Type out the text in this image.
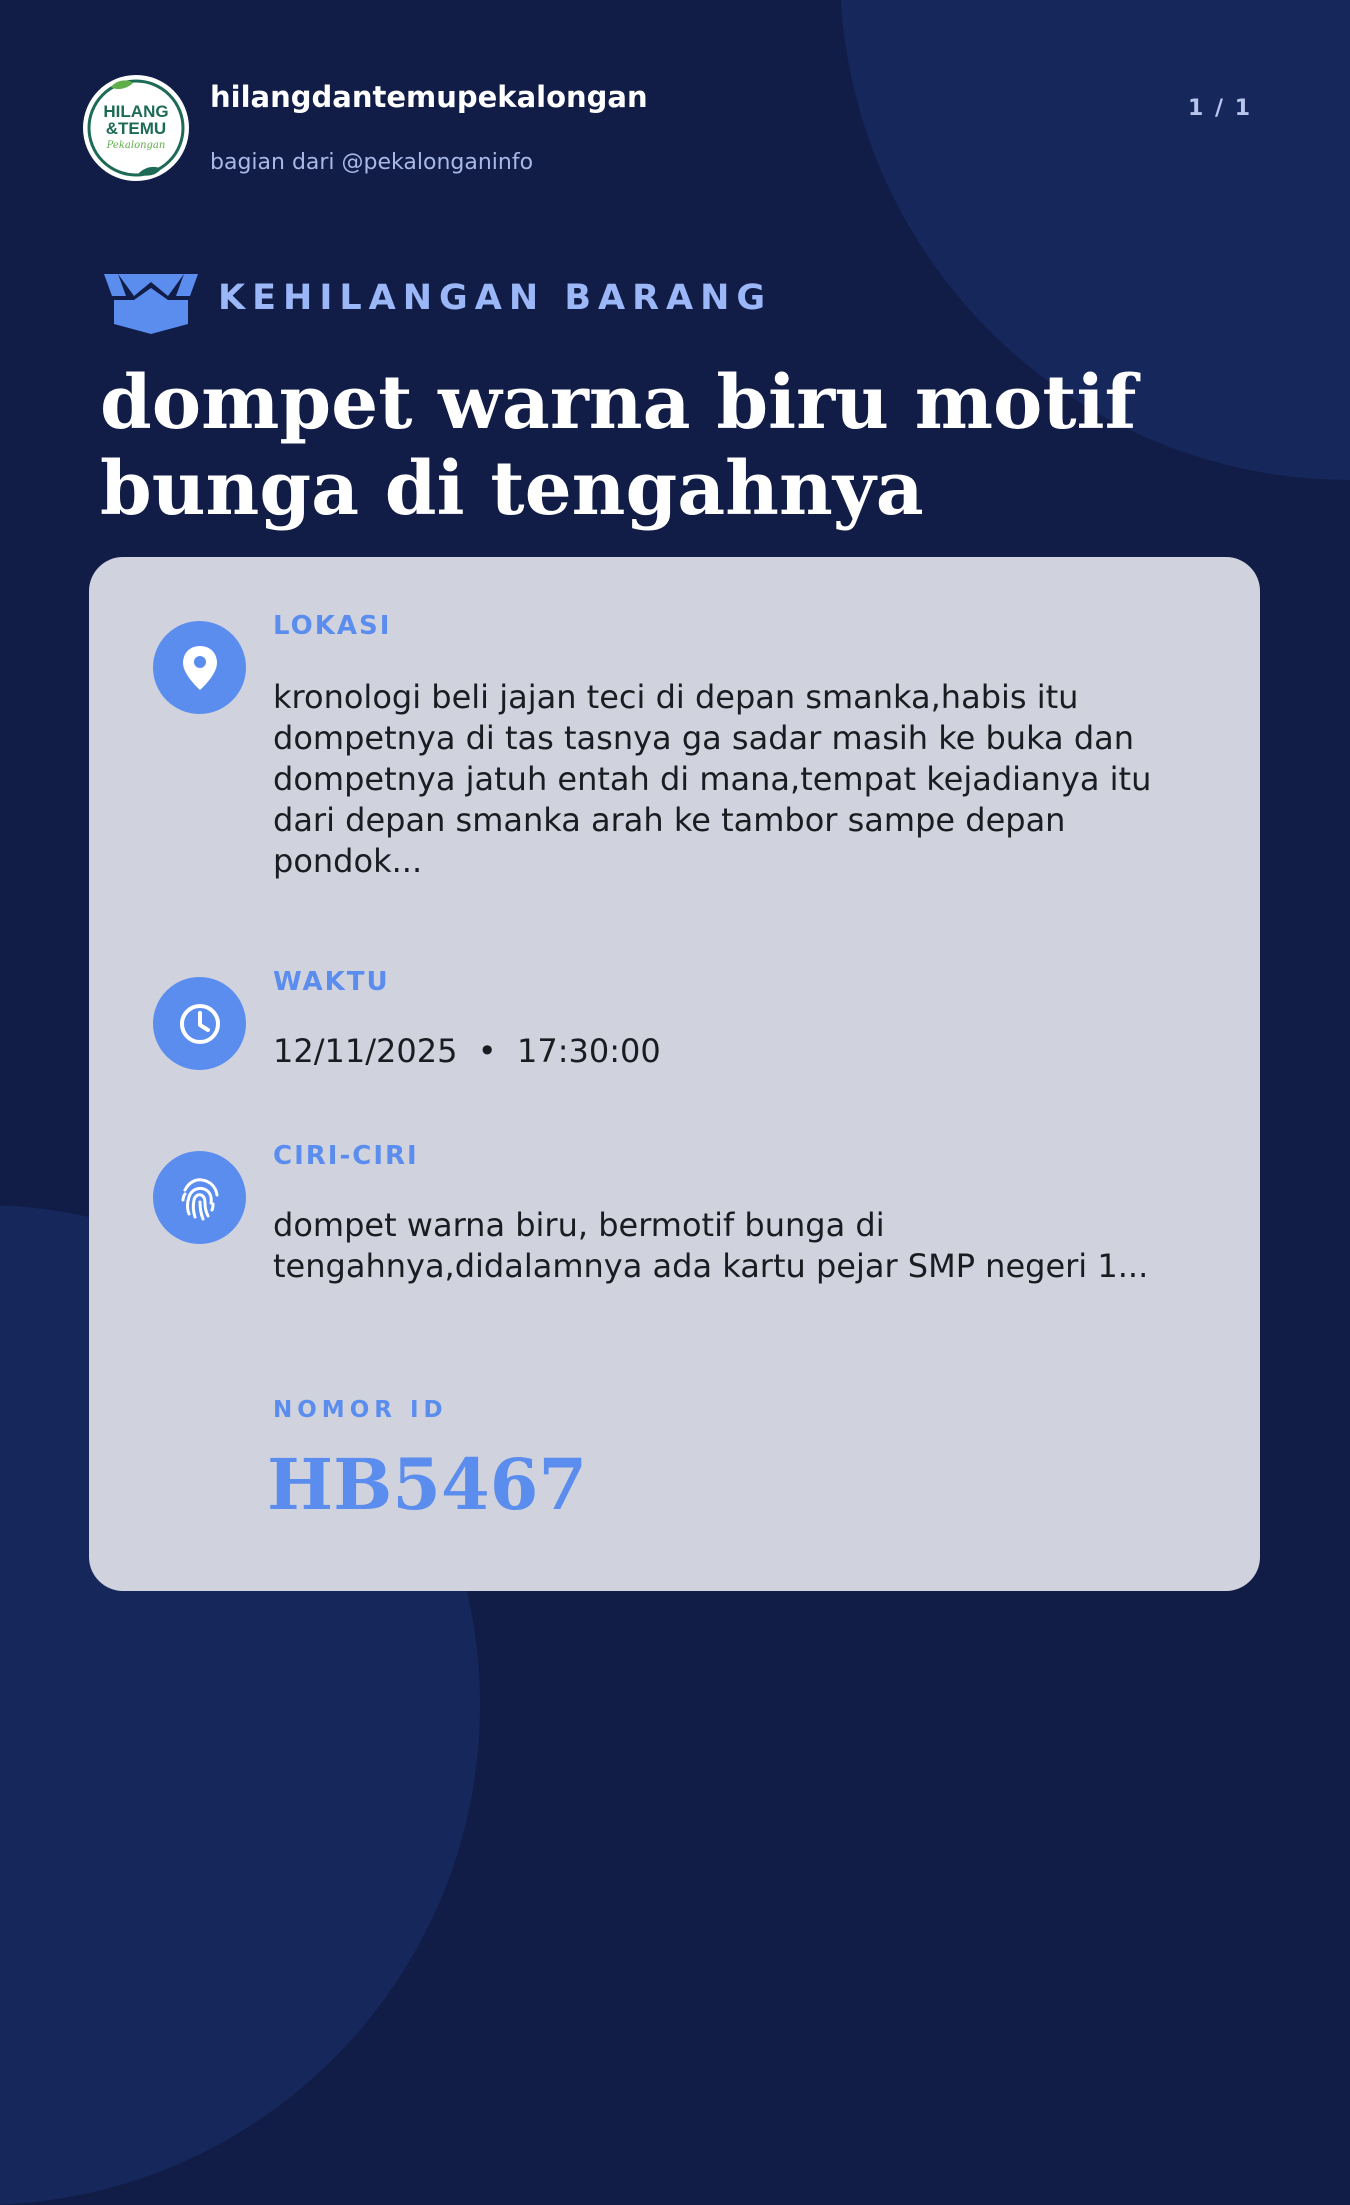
HILANG
&TEMU
Pekalongan
hilangdantemupekalongan
bagian dari @pekalonganinfo
1 / 1
KEHILANGAN BARANG
dompet warna biru motif bunga di tengahnya
LOKASI

kronologi beli jajan teci di depan smanka,habis itu dompetnya di tas tasnya ga sadar masih ke buka dan dompetnya jatuh entah di mana,tempat kejadianya itu dari depan smanka arah ke tambor sampe depan pondok...

WAKTU

12/11/2025  •  17:30:00

CIRI-CIRI

dompet warna biru, bermotif bunga di tengahnya,didalamnya ada kartu pejar SMP negeri 1...

NOMOR ID
HB5467
